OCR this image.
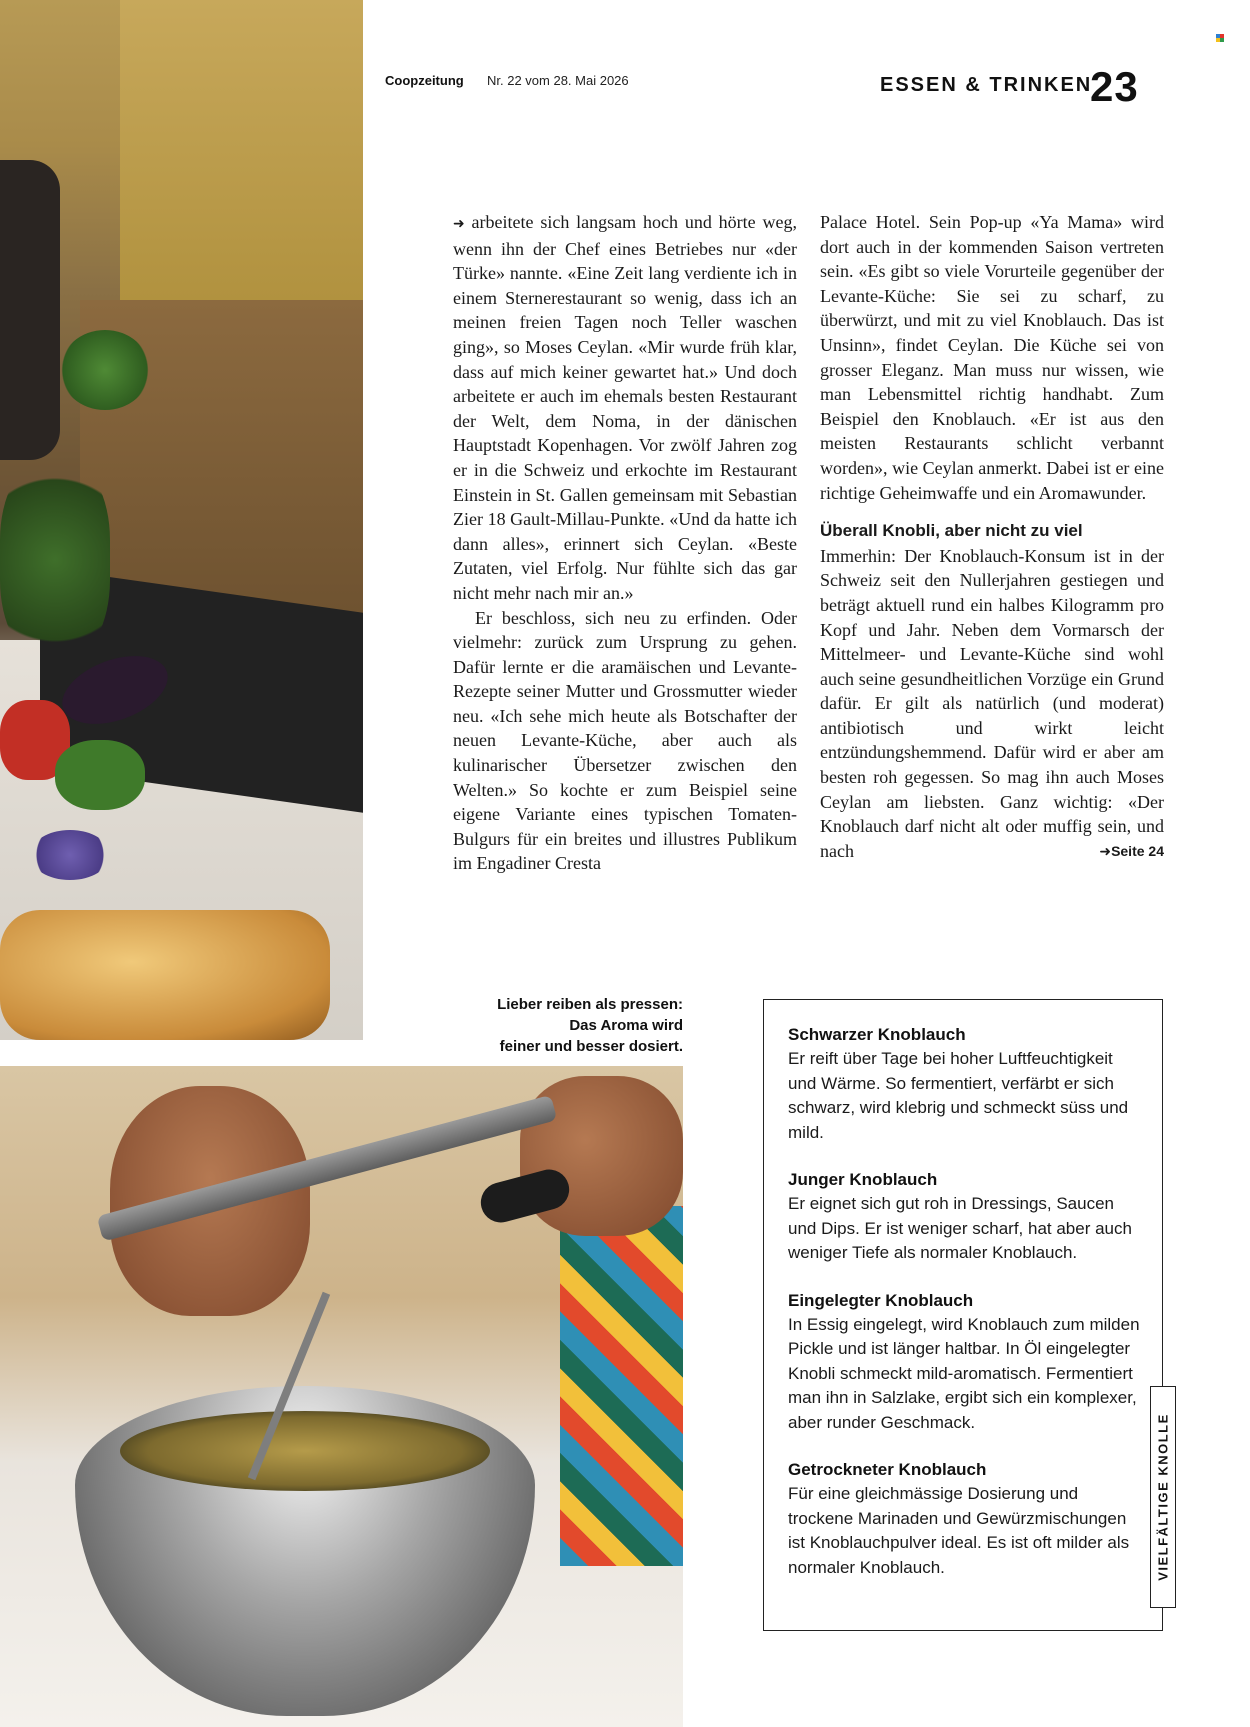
Coopzeitung Nr. 22 vom 28. Mai 2026	ESSEN & TRINKEN
23

➜ arbeitete sich langsam hoch und hörte weg, wenn ihn der Chef eines Betriebes nur «der Türke» nannte. «Eine Zeit lang verdiente ich in einem Sternerestaurant so wenig, dass ich an meinen freien Tagen noch Teller waschen ging», so Moses Ceylan. «Mir wurde früh klar, dass auf mich keiner gewartet hat.» Und doch arbeitete er auch im ehemals besten Restaurant der Welt, dem Noma, in der dänischen Hauptstadt Kopenhagen. Vor zwölf Jahren zog er in die Schweiz und erkochte im Restaurant Einstein in St. Gallen gemeinsam mit Sebastian Zier 18 Gault-Millau-Punkte. «Und da hatte ich dann alles», erinnert sich Ceylan. «Beste Zutaten, viel Erfolg. Nur fühlte sich das gar nicht mehr nach mir an.»

Er beschloss, sich neu zu erfinden. Oder vielmehr: zurück zum Ursprung zu gehen. Dafür lernte er die aramäischen und Levante-Rezepte seiner Mutter und Grossmutter wieder neu. «Ich sehe mich heute als Botschafter der neuen Levante-Küche, aber auch als kulinarischer Übersetzer zwischen den Welten.» So kochte er zum Beispiel seine eigene Variante eines typischen Tomaten-Bulgurs für ein breites und illustres Publikum im Engadiner Cresta

Palace Hotel. Sein Pop-up «Ya Mama» wird dort auch in der kommenden Saison vertreten sein. «Es gibt so viele Vorurteile gegenüber der Levante-Küche: Sie sei zu scharf, zu überwürzt, und mit zu viel Knoblauch. Das ist Unsinn», findet Ceylan. Die Küche sei von grosser Eleganz. Man muss nur wissen, wie man Lebensmittel richtig handhabt. Zum Beispiel den Knoblauch. «Er ist aus den meisten Restaurants schlicht verbannt worden», wie Ceylan anmerkt. Dabei ist er eine richtige Geheimwaffe und ein Aromawunder.

Überall Knobli, aber nicht zu viel

Immerhin: Der Knoblauch-Konsum ist in der Schweiz seit den Nullerjahren gestiegen und beträgt aktuell rund ein halbes Kilogramm pro Kopf und Jahr. Neben dem Vormarsch der Mittelmeer- und Levante-Küche sind wohl auch seine gesundheitlichen Vorzüge ein Grund dafür. Er gilt als natürlich (und moderat) antibiotisch und wirkt leicht entzündungshemmend. Dafür wird er aber am besten roh gegessen. So mag ihn auch Moses Ceylan am liebsten. Ganz wichtig: «Der Knoblauch darf nicht alt oder muffig sein, und nach	➜Seite 24

Lieber reiben als pressen:
Das Aroma wird
feiner und besser dosiert.
Schwarzer Knoblauch

Er reift über Tage bei hoher Luftfeuchtigkeit und Wärme. So fermentiert, verfärbt er sich schwarz, wird klebrig und schmeckt süss und mild.

Junger Knoblauch

Er eignet sich gut roh in Dressings, Saucen und Dips. Er ist weniger scharf, hat aber auch weniger Tiefe als normaler Knoblauch.

Eingelegter Knoblauch

In Essig eingelegt, wird Knoblauch zum milden Pickle und ist länger haltbar. In Öl eingelegter Knobli schmeckt mild-aromatisch. Fermentiert man ihn in Salzlake, ergibt sich ein komplexer, aber runder Geschmack.

Getrockneter Knoblauch

Für eine gleichmässige Dosierung und trockene Marinaden und Gewürzmischungen ist Knoblauchpulver ideal. Es ist oft milder als normaler Knoblauch.	VIELFÄLTIGE KNOLLE
